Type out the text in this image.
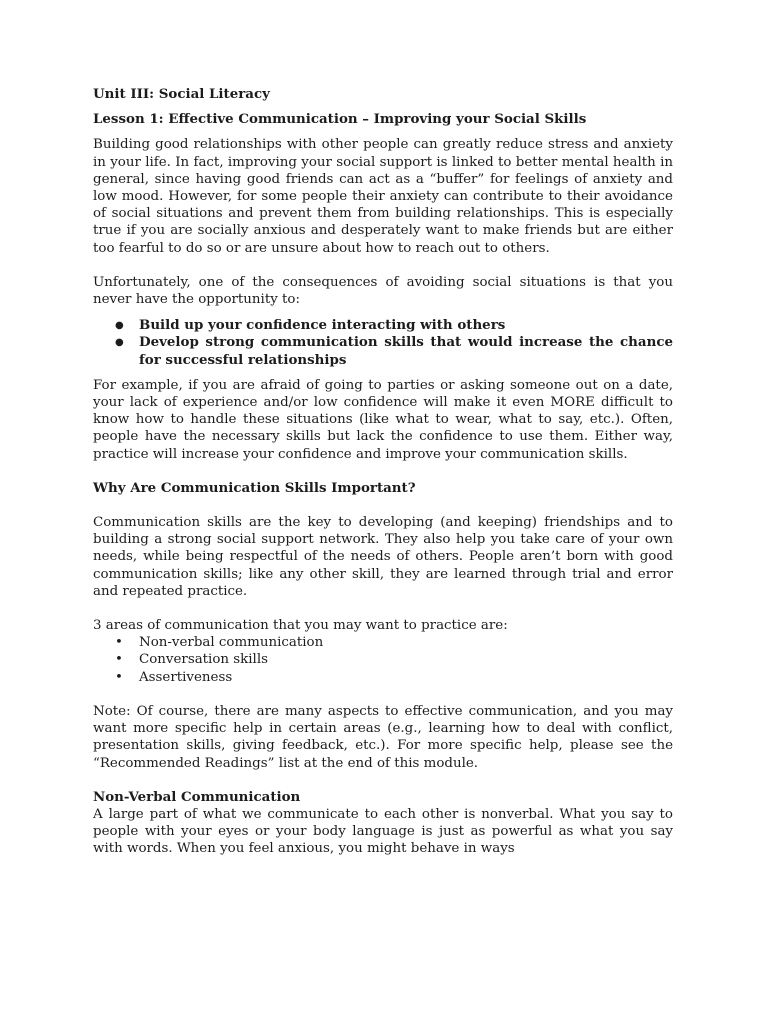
Unit III: Social Literacy

Lesson 1: Effective Communication – Improving your Social Skills

Building good relationships with other people can greatly reduce stress and anxiety in your life. In fact, improving your social support is linked to better mental health in general, since having good friends can act as a “buffer” for feelings of anxiety and low mood. However, for some people their anxiety can contribute to their avoidance of social situations and prevent them from building relationships. This is especially true if you are socially anxious and desperately want to make friends but are either too fearful to do so or are unsure about how to reach out to others.

Unfortunately, one of the consequences of avoiding social situations is that you never have the opportunity to:

● Build up your confidence interacting with others
● Develop strong communication skills that would increase the chance for successful relationships

For example, if you are afraid of going to parties or asking someone out on a date, your lack of experience and/or low confidence will make it even MORE difficult to know how to handle these situations (like what to wear, what to say, etc.). Often, people have the necessary skills but lack the confidence to use them. Either way, practice will increase your confidence and improve your communication skills.

Why Are Communication Skills Important?

Communication skills are the key to developing (and keeping) friendships and to building a strong social support network. They also help you take care of your own needs, while being respectful of the needs of others. People aren’t born with good communication skills; like any other skill, they are learned through trial and error and repeated practice.

3 areas of communication that you may want to practice are:

• Non-verbal communication
• Conversation skills
• Assertiveness

Note: Of course, there are many aspects to effective communication, and you may want more specific help in certain areas (e.g., learning how to deal with conflict, presentation skills, giving feedback, etc.). For more specific help, please see the “Recommended Readings” list at the end of this module.

Non-Verbal Communication

A large part of what we communicate to each other is nonverbal. What you say to people with your eyes or your body language is just as powerful as what you say with words. When you feel anxious, you might behave in ways
